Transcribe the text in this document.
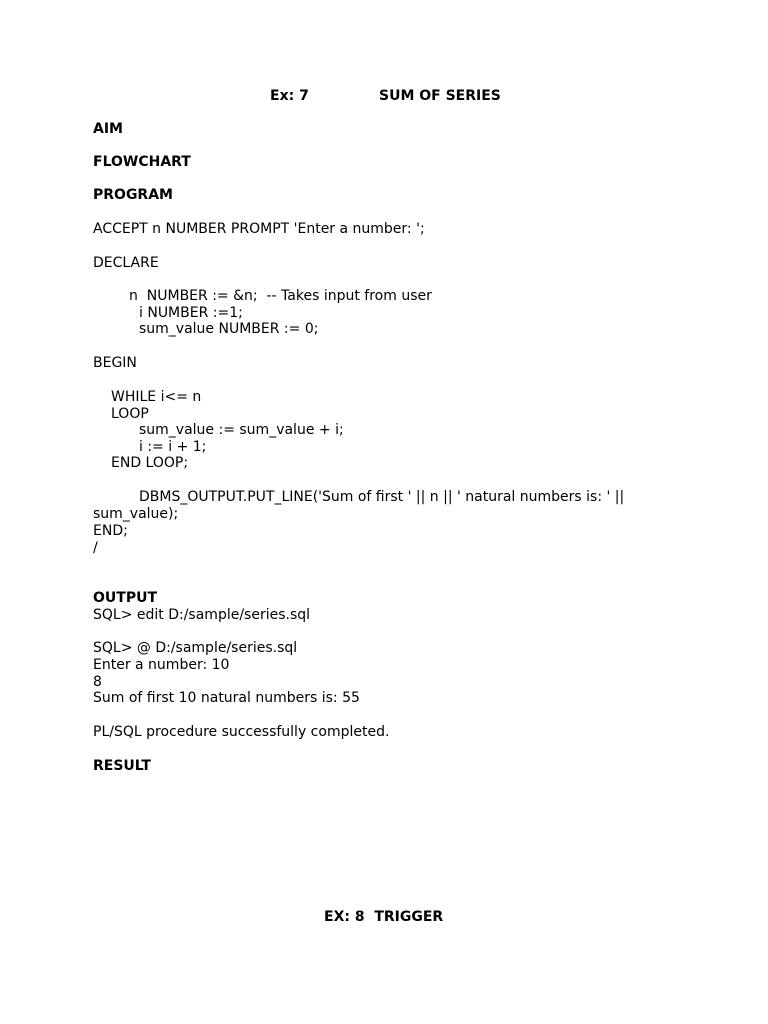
Ex: 7	SUM OF SERIES
AIM
FLOWCHART
PROGRAM
ACCEPT n NUMBER PROMPT 'Enter a number: ';
DECLARE
n  NUMBER := &n;  -- Takes input from user
i NUMBER :=1;
sum_value NUMBER := 0;
BEGIN
WHILE i<= n
LOOP
sum_value := sum_value + i;
i := i + 1;
END LOOP;
DBMS_OUTPUT.PUT_LINE('Sum of first ' || n || ' natural numbers is: ' ||
sum_value);
END;
/
OUTPUT
SQL> edit D:/sample/series.sql
SQL> @ D:/sample/series.sql
Enter a number: 10
8
Sum of first 10 natural numbers is: 55
PL/SQL procedure successfully completed.
RESULT
EX: 8  TRIGGER
